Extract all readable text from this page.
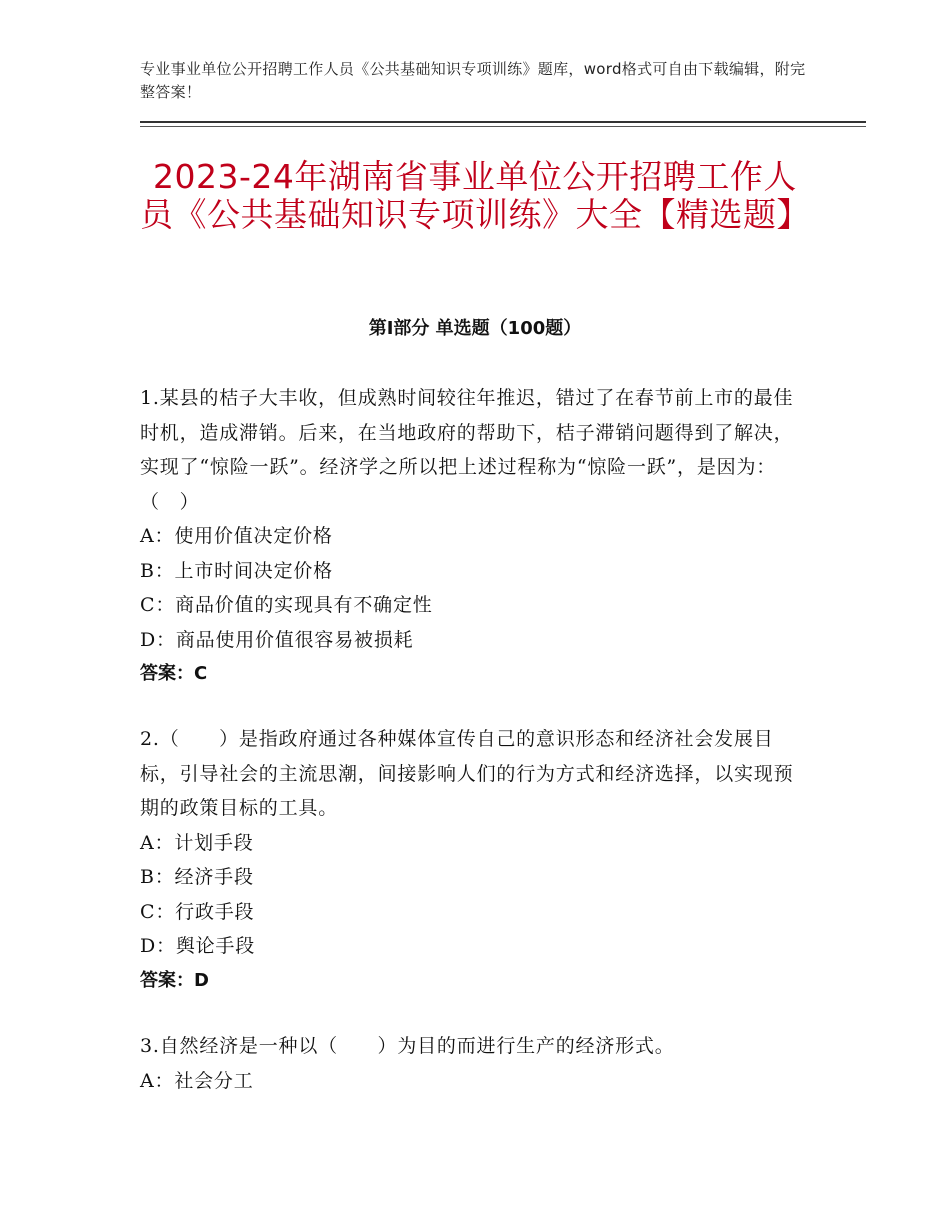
专业事业单位公开招聘工作人员《公共基础知识专项训练》题库，word格式可自由下载编辑，附完整答案！
2023-24年湖南省事业单位公开招聘工作人员《公共基础知识专项训练》大全【精选题】
第Ⅰ部分 单选题（100题）

1.某县的桔子大丰收，但成熟时间较往年推迟，错过了在春节前上市的最佳时机，造成滞销。后来，在当地政府的帮助下，桔子滞销问题得到了解决，实现了“惊险一跃”。经济学之所以把上述过程称为“惊险一跃”，是因为：（　）

A：使用价值决定价格

B：上市时间决定价格

C：商品价值的实现具有不确定性

D：商品使用价值很容易被损耗

答案：C

2.（　　）是指政府通过各种媒体宣传自己的意识形态和经济社会发展目标，引导社会的主流思潮，间接影响人们的行为方式和经济选择，以实现预期的政策目标的工具。

A：计划手段

B：经济手段

C：行政手段

D：舆论手段

答案：D

3.自然经济是一种以（　　）为目的而进行生产的经济形式。

A：社会分工
